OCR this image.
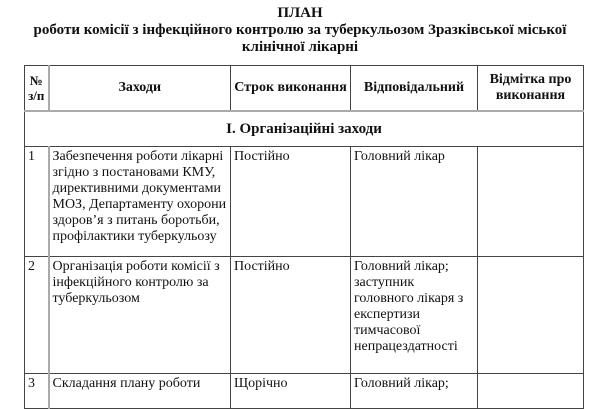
ПЛАН
роботи комісії з інфекційного контролю за туберкульозом Зразківської міської
клінічної лікарні
№ з/п	Заходи	Строк виконання	Відповідальний	Відмітка про виконання
І. Організаційні заходи				
1	Забезпечення роботи лікарні згідно з постановами КМУ, директивними документами МОЗ, Департаменту охорони здоров’я з питань боротьби, профілактики туберкульозу	Постійно	Головний лікар	
2	Організація роботи комісії з інфекційного контролю за туберкульозом	Постійно	Головний лікар; заступник головного лікаря з експертизи тимчасової непрацездатності	
3	Складання плану роботи	Щорічно	Головний лікар;	
